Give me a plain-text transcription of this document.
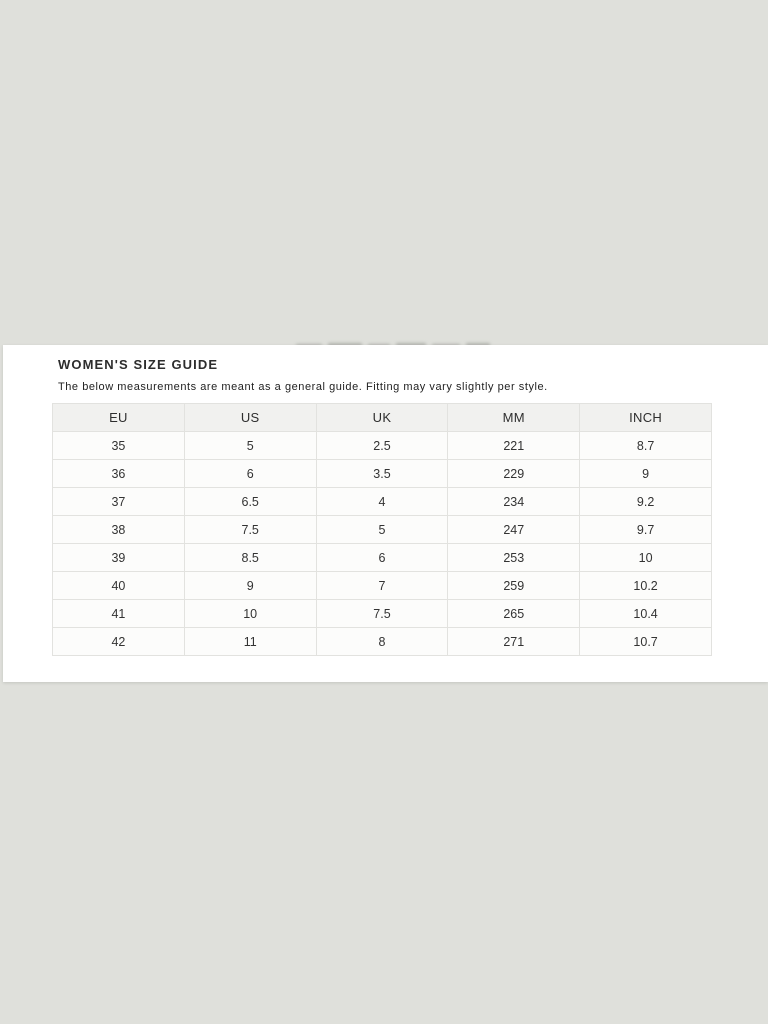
WOMEN'S SIZE GUIDE

The below measurements are meant as a general guide. Fitting may vary slightly per style.

EU	US	UK	MM	INCH
35	5	2.5	221	8.7
36	6	3.5	229	9
37	6.5	4	234	9.2
38	7.5	5	247	9.7
39	8.5	6	253	10
40	9	7	259	10.2
41	10	7.5	265	10.4
42	11	8	271	10.7
